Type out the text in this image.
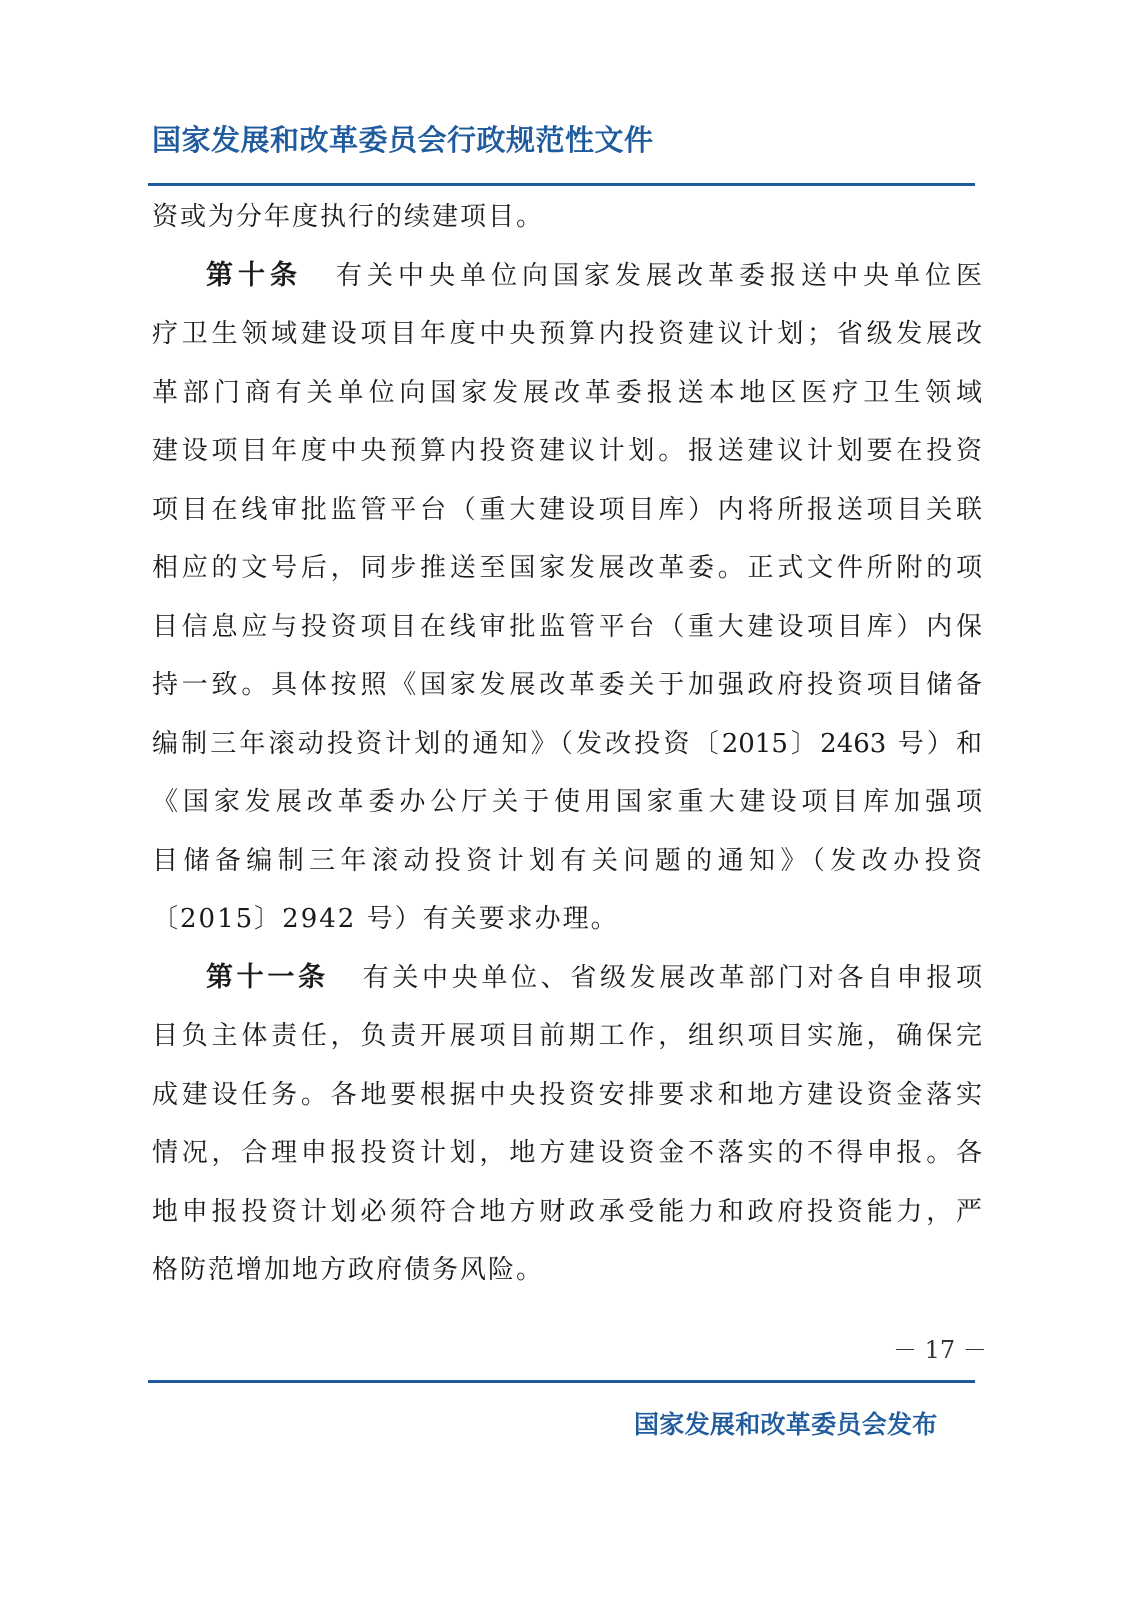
国家发展和改革委员会行政规范性文件
资或为分年度执行的续建项目。
第十条 有关中央单位向国家发展改革委报送中央单位医
疗卫生领域建设项目年度中央预算内投资建议计划；省级发展改
革部门商有关单位向国家发展改革委报送本地区医疗卫生领域
建设项目年度中央预算内投资建议计划。报送建议计划要在投资
项目在线审批监管平台（重大建设项目库）内将所报送项目关联
相应的文号后，同步推送至国家发展改革委。正式文件所附的项
目信息应与投资项目在线审批监管平台（重大建设项目库）内保
持一致。具体按照《国家发展改革委关于加强政府投资项目储备
编制三年滚动投资计划的通知》（发改投资〔2015〕2463 号）和
《国家发展改革委办公厅关于使用国家重大建设项目库加强项
目储备编制三年滚动投资计划有关问题的通知》（发改办投资
〔2015〕2942 号）有关要求办理。
第十一条 有关中央单位、省级发展改革部门对各自申报项
目负主体责任，负责开展项目前期工作，组织项目实施，确保完
成建设任务。各地要根据中央投资安排要求和地方建设资金落实
情况，合理申报投资计划，地方建设资金不落实的不得申报。各
地申报投资计划必须符合地方财政承受能力和政府投资能力，严
格防范增加地方政府债务风险。
－ 17 －
国家发展和改革委员会发布
